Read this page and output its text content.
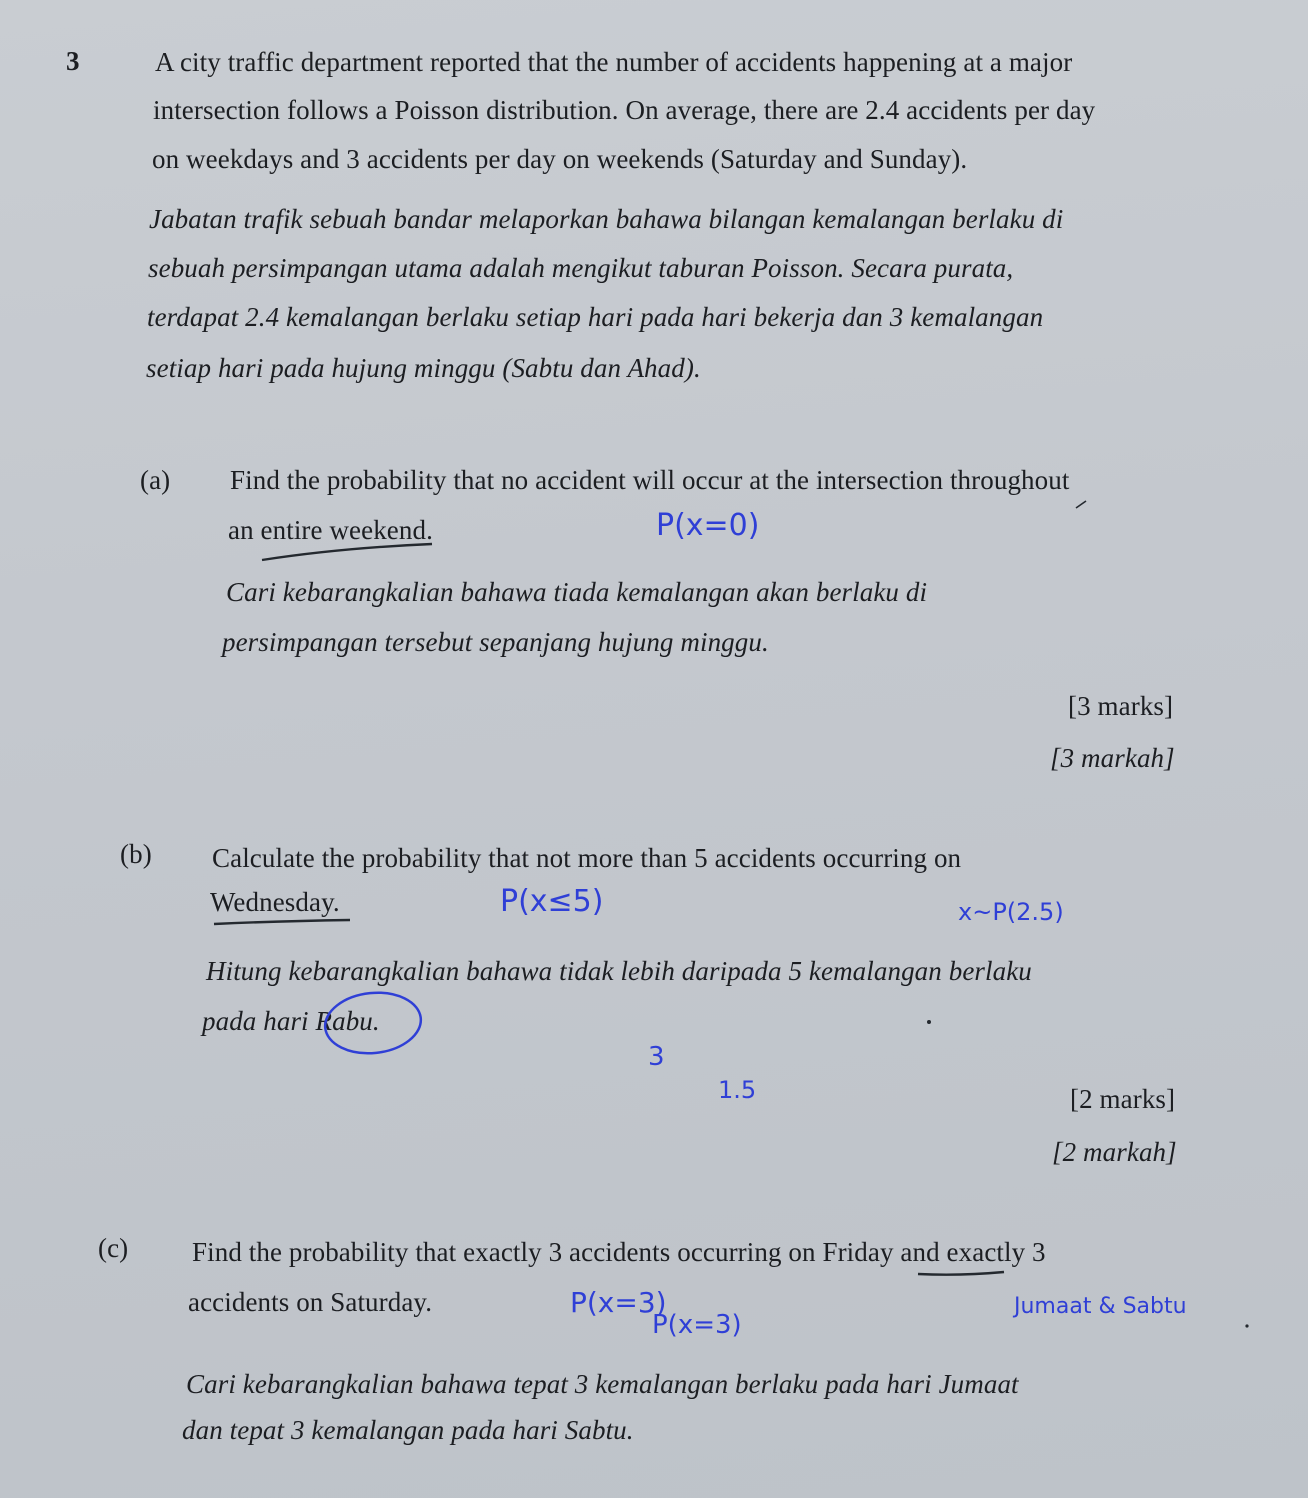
3	A city traffic department reported that the number of accidents happening at a major
intersection follows a Poisson distribution. On average, there are 2.4 accidents per day
on weekdays and 3 accidents per day on weekends (Saturday and Sunday).
Jabatan trafik sebuah bandar melaporkan bahawa bilangan kemalangan berlaku di
sebuah persimpangan utama adalah mengikut taburan Poisson. Secara purata,
terdapat 2.4 kemalangan berlaku setiap hari pada hari bekerja dan 3 kemalangan
setiap hari pada hujung minggu (Sabtu dan Ahad).
(a) Find the probability that no accident will occur at the intersection throughout
an entire weekend.
Cari kebarangkalian bahawa tiada kemalangan akan berlaku di
persimpangan tersebut sepanjang hujung minggu.
[3 marks]
[3 markah]
(b) Calculate the probability that not more than 5 accidents occurring on
Wednesday.
Hitung kebarangkalian bahawa tidak lebih daripada 5 kemalangan berlaku
pada hari Rabu.
[2 marks]
[2 markah]
(c) Find the probability that exactly 3 accidents occurring on Friday and exactly 3
accidents on Saturday.
Cari kebarangkalian bahawa tepat 3 kemalangan berlaku pada hari Jumaat
dan tepat 3 kemalangan pada hari Sabtu.
P(x=0)
P(x≤5)	x~P(2.5)
3
1.5
P(x=3)
P(x=3)
Jumaat & Sabtu
